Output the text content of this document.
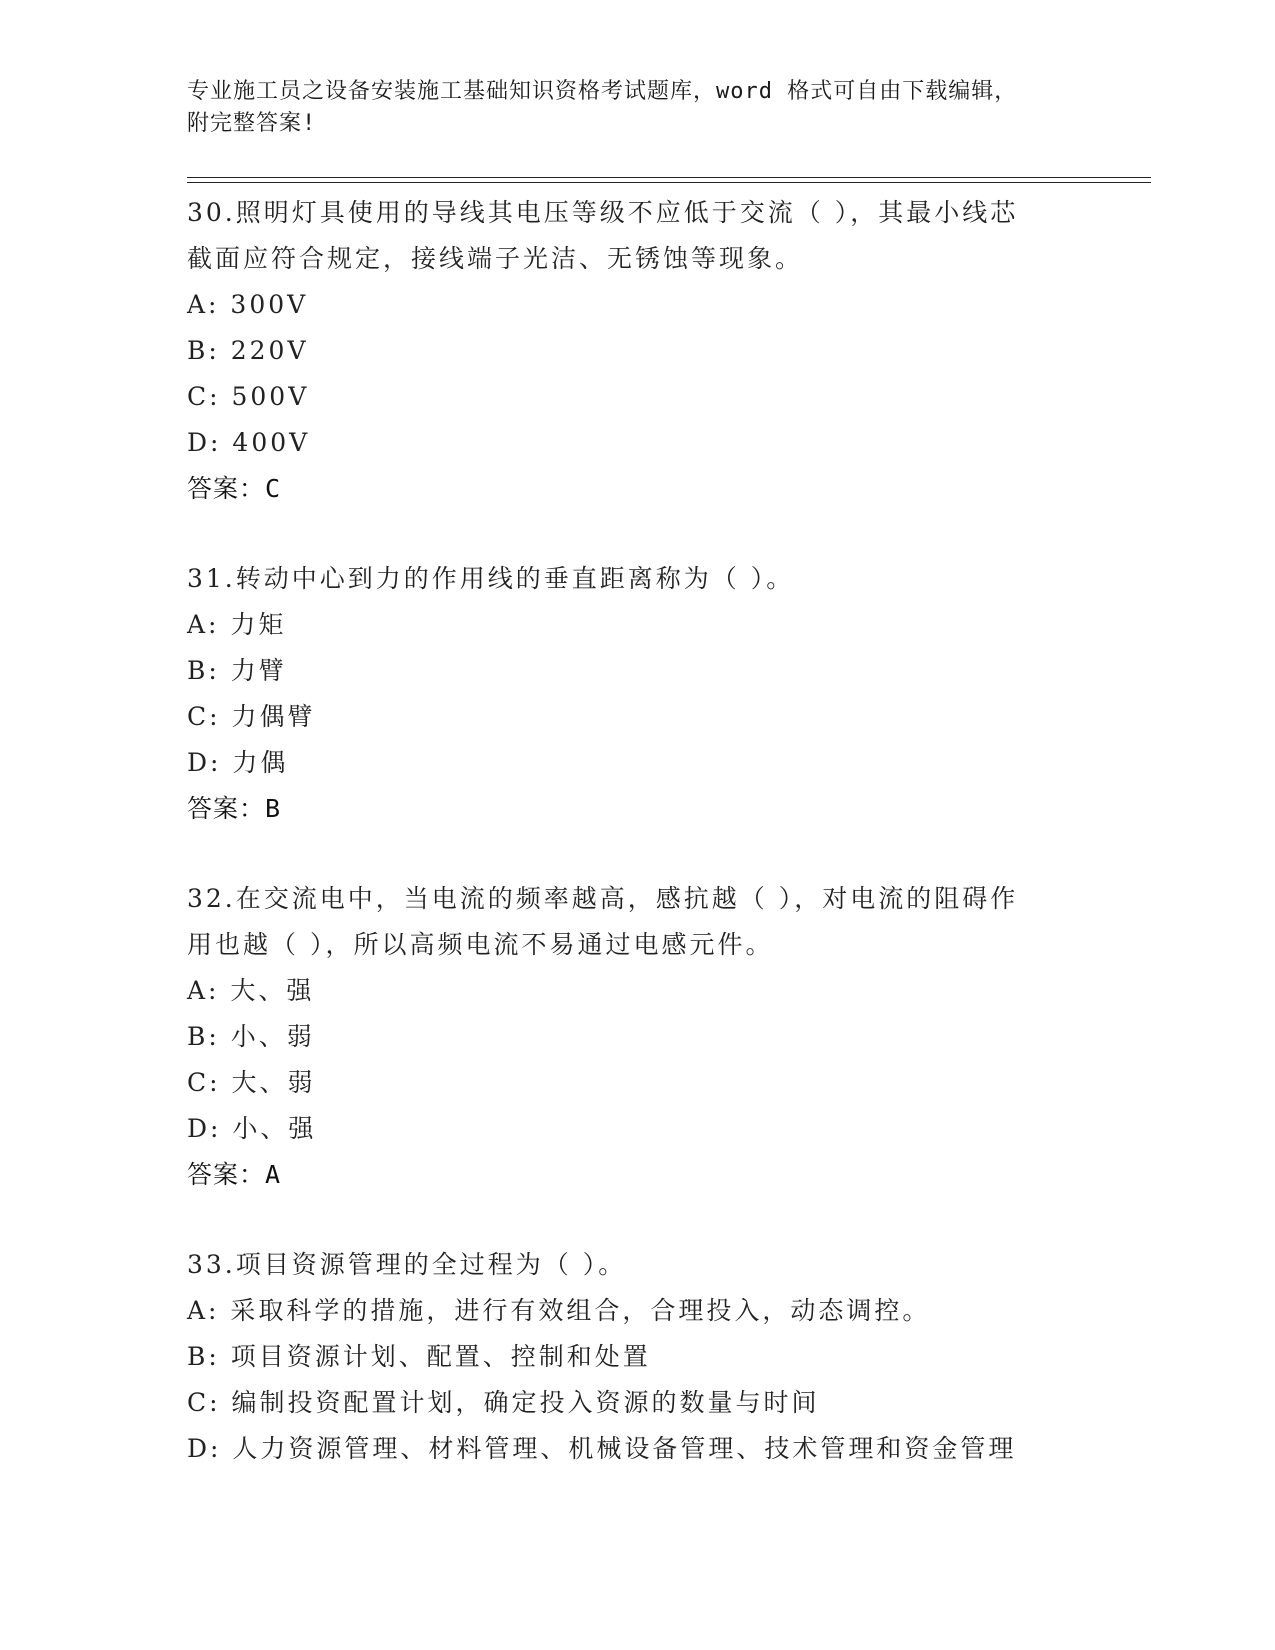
专业施工员之设备安装施工基础知识资格考试题库，word 格式可自由下载编辑，
附完整答案!
30.照明灯具使用的导线其电压等级不应低于交流（ ），其最小线芯
截面应符合规定，接线端子光洁、无锈蚀等现象。
A: 300V
B: 220V
C: 500V
D: 400V
答案：C
31.转动中心到力的作用线的垂直距离称为（ ）。
A: 力矩
B: 力臂
C: 力偶臂
D: 力偶
答案：B
32.在交流电中，当电流的频率越高，感抗越（ ），对电流的阻碍作
用也越（ ），所以高频电流不易通过电感元件。
A: 大、强
B: 小、弱
C: 大、弱
D: 小、强
答案：A
33.项目资源管理的全过程为（ ）。
A: 采取科学的措施，进行有效组合，合理投入，动态调控。
B: 项目资源计划、配置、控制和处置
C: 编制投资配置计划，确定投入资源的数量与时间
D: 人力资源管理、材料管理、机械设备管理、技术管理和资金管理
